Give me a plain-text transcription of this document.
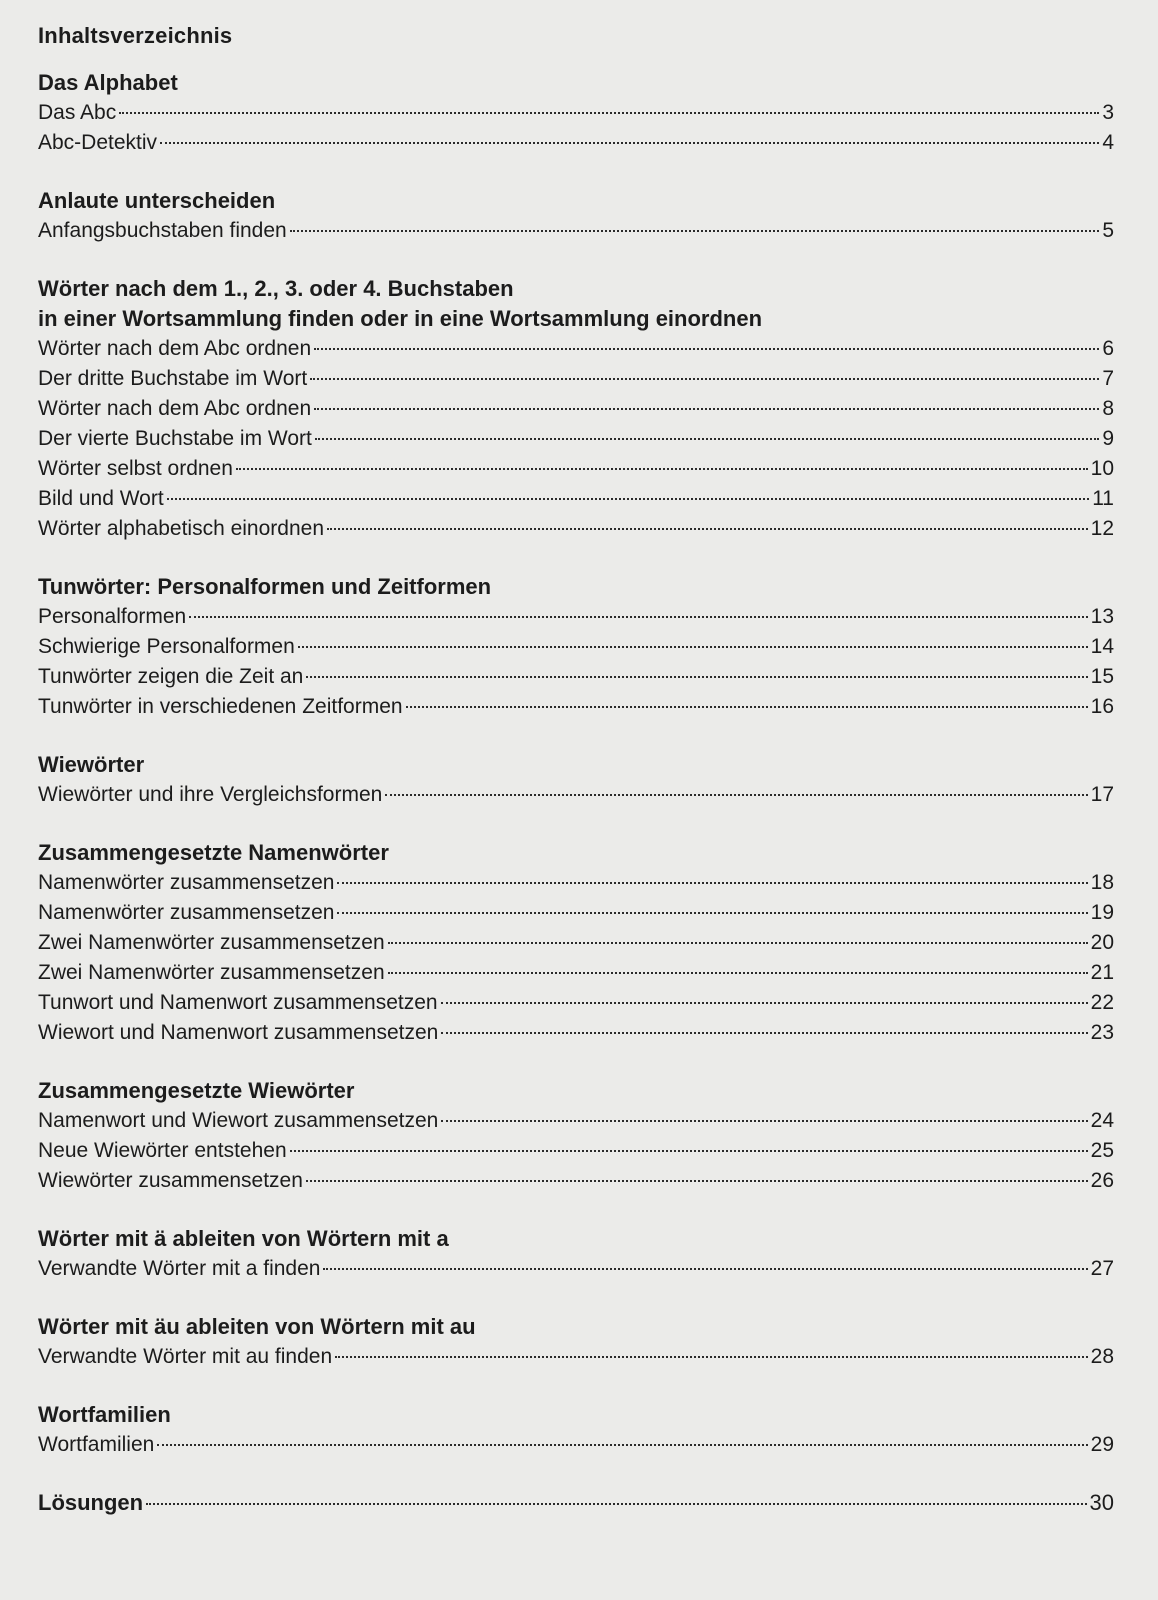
Inhaltsverzeichnis
Das Alphabet
Das Abc	3
Abc-Detektiv	4
Anlaute unterscheiden
Anfangsbuchstaben finden	5
Wörter nach dem 1., 2., 3. oder 4. Buchstaben
in einer Wortsammlung finden oder in eine Wortsammlung einordnen
Wörter nach dem Abc ordnen	6
Der dritte Buchstabe im Wort	7
Wörter nach dem Abc ordnen	8
Der vierte Buchstabe im Wort	9
Wörter selbst ordnen	10
Bild und Wort	11
Wörter alphabetisch einordnen	12
Tunwörter: Personalformen und Zeitformen
Personalformen	13
Schwierige Personalformen	14
Tunwörter zeigen die Zeit an	15
Tunwörter in verschiedenen Zeitformen	16
Wiewörter
Wiewörter und ihre Vergleichsformen	17
Zusammengesetzte Namenwörter
Namenwörter zusammensetzen	18
Namenwörter zusammensetzen	19
Zwei Namenwörter zusammensetzen	20
Zwei Namenwörter zusammensetzen	21
Tunwort und Namenwort zusammensetzen	22
Wiewort und Namenwort zusammensetzen	23
Zusammengesetzte Wiewörter
Namenwort und Wiewort zusammensetzen	24
Neue Wiewörter entstehen	25
Wiewörter zusammensetzen	26
Wörter mit ä ableiten von Wörtern mit a
Verwandte Wörter mit a finden	27
Wörter mit äu ableiten von Wörtern mit au
Verwandte Wörter mit au finden	28
Wortfamilien
Wortfamilien	29
Lösungen	30
